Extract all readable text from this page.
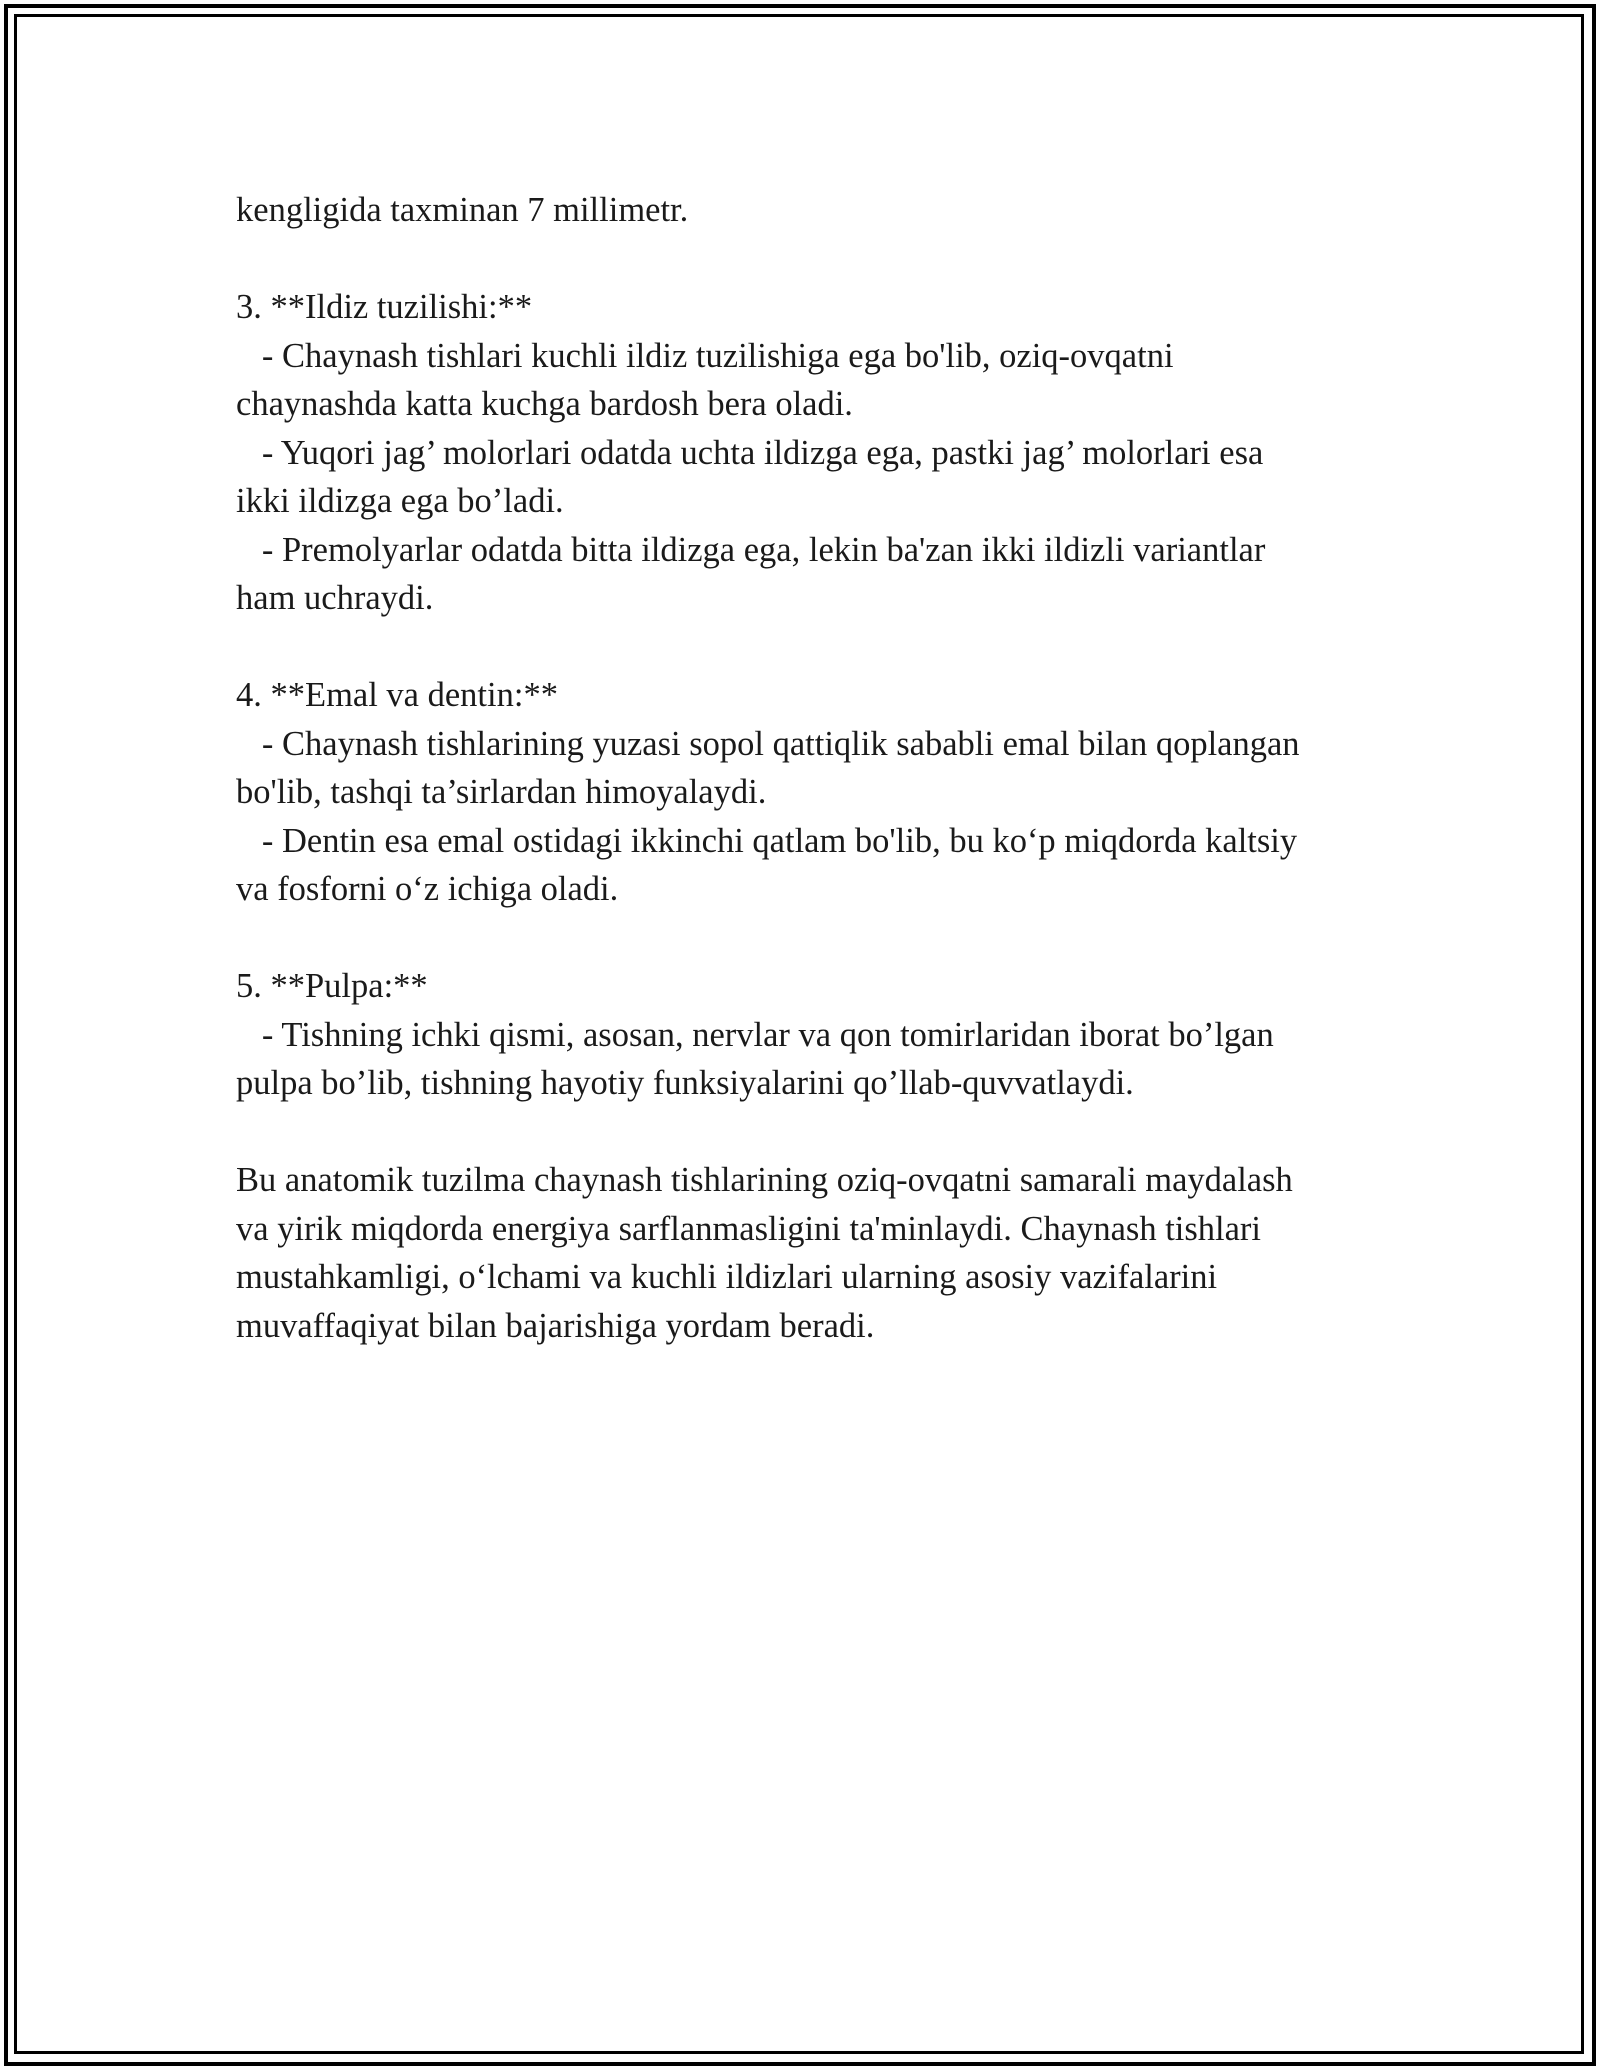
kengligida taxminan 7 millimetr.

3. **Ildiz tuzilishi:**

- Chaynash tishlari kuchli ildiz tuzilishiga ega bo'lib, oziq-ovqatni

chaynashda katta kuchga bardosh bera oladi.

- Yuqori jag’ molorlari odatda uchta ildizga ega, pastki jag’ molorlari esa

ikki ildizga ega bo’ladi.

- Premolyarlar odatda bitta ildizga ega, lekin ba'zan ikki ildizli variantlar

ham uchraydi.

4. **Emal va dentin:**

- Chaynash tishlarining yuzasi sopol qattiqlik sababli emal bilan qoplangan

bo'lib, tashqi ta’sirlardan himoyalaydi.

- Dentin esa emal ostidagi ikkinchi qatlam bo'lib, bu ko‘p miqdorda kaltsiy

va fosforni o‘z ichiga oladi.

5. **Pulpa:**

- Tishning ichki qismi, asosan, nervlar va qon tomirlaridan iborat bo’lgan

pulpa bo’lib, tishning hayotiy funksiyalarini qo’llab-quvvatlaydi.

Bu anatomik tuzilma chaynash tishlarining oziq-ovqatni samarali maydalash

va yirik miqdorda energiya sarflanmasligini ta'minlaydi. Chaynash tishlari

mustahkamligi, o‘lchami va kuchli ildizlari ularning asosiy vazifalarini

muvaffaqiyat bilan bajarishiga yordam beradi.
